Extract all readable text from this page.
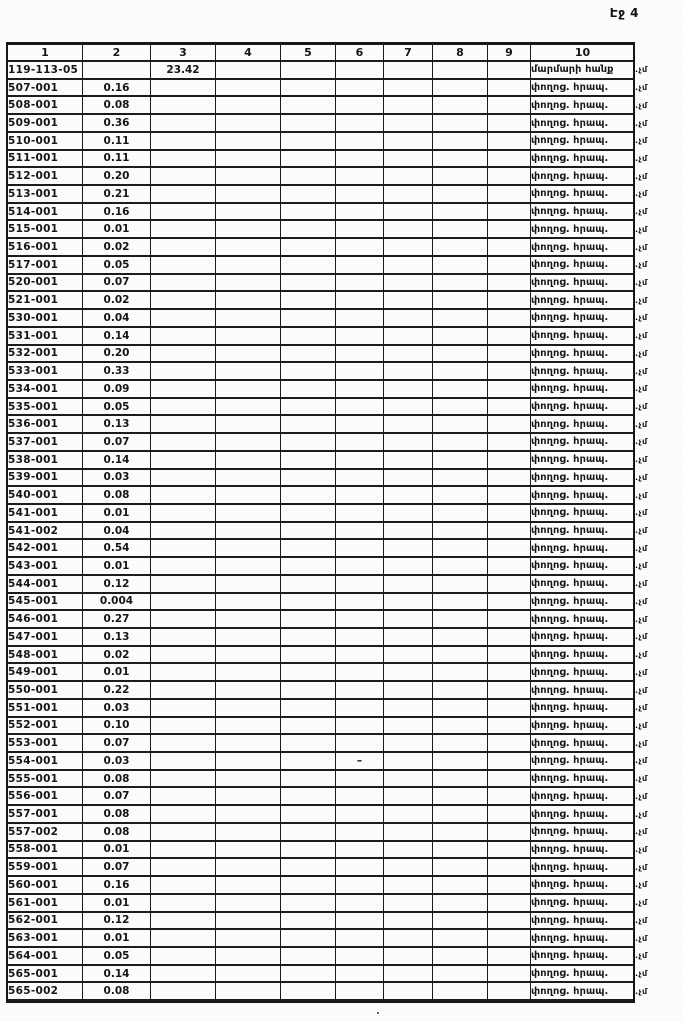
Էջ 4
1	2	3	4	5	6	7	8	9	10	
119-113-05		23.42							մարմարի հանք	.չմ
507-001	0.16								փողոց. հրապ.	.չմ
508-001	0.08								փողոց. հրապ.	.չմ
509-001	0.36								փողոց. հրապ.	.չմ
510-001	0.11								փողոց. հրապ.	.չմ
511-001	0.11								փողոց. հրապ.	.չմ
512-001	0.20								փողոց. հրապ.	.չմ
513-001	0.21								փողոց. հրապ.	.չմ
514-001	0.16								փողոց. հրապ.	.չմ
515-001	0.01								փողոց. հրապ.	.չմ
516-001	0.02								փողոց. հրապ.	.չմ
517-001	0.05								փողոց. հրապ.	.չմ
520-001	0.07								փողոց. հրապ.	.չմ
521-001	0.02								փողոց. հրապ.	.չմ
530-001	0.04								փողոց. հրապ.	.չմ
531-001	0.14								փողոց. հրապ.	.չմ
532-001	0.20								փողոց. հրապ.	.չմ
533-001	0.33								փողոց. հրապ.	.չմ
534-001	0.09								փողոց. հրապ.	.չմ
535-001	0.05								փողոց. հրապ.	.չմ
536-001	0.13								փողոց. հրապ.	.չմ
537-001	0.07								փողոց. հրապ.	.չմ
538-001	0.14								փողոց. հրապ.	.չմ
539-001	0.03								փողոց. հրապ.	.չմ
540-001	0.08								փողոց. հրապ.	.չմ
541-001	0.01								փողոց. հրապ.	.չմ
541-002	0.04								փողոց. հրապ.	.չմ
542-001	0.54								փողոց. հրապ.	.չմ
543-001	0.01								փողոց. հրապ.	.չմ
544-001	0.12								փողոց. հրապ.	.չմ
545-001	0.004								փողոց. հրապ.	.չմ
546-001	0.27								փողոց. հրապ.	.չմ
547-001	0.13								փողոց. հրապ.	.չմ
548-001	0.02								փողոց. հրապ.	.չմ
549-001	0.01								փողոց. հրապ.	.չմ
550-001	0.22								փողոց. հրապ.	.չմ
551-001	0.03								փողոց. հրապ.	.չմ
552-001	0.10								փողոց. հրապ.	.չմ
553-001	0.07								փողոց. հրապ.	.չմ
554-001	0.03				–				փողոց. հրապ.	.չմ
555-001	0.08								փողոց. հրապ.	.չմ
556-001	0.07								փողոց. հրապ.	.չմ
557-001	0.08								փողոց. հրապ.	.չմ
557-002	0.08								փողոց. հրապ.	.չմ
558-001	0.01								փողոց. հրապ.	.չմ
559-001	0.07								փողոց. հրապ.	.չմ
560-001	0.16								փողոց. հրապ.	.չմ
561-001	0.01								փողոց. հրապ.	.չմ
562-001	0.12								փողոց. հրապ.	.չմ
563-001	0.01								փողոց. հրապ.	.չմ
564-001	0.05								փողոց. հրապ.	.չմ
565-001	0.14								փողոց. հրապ.	.չմ
565-002	0.08								փողոց. հրապ.	.չմ
